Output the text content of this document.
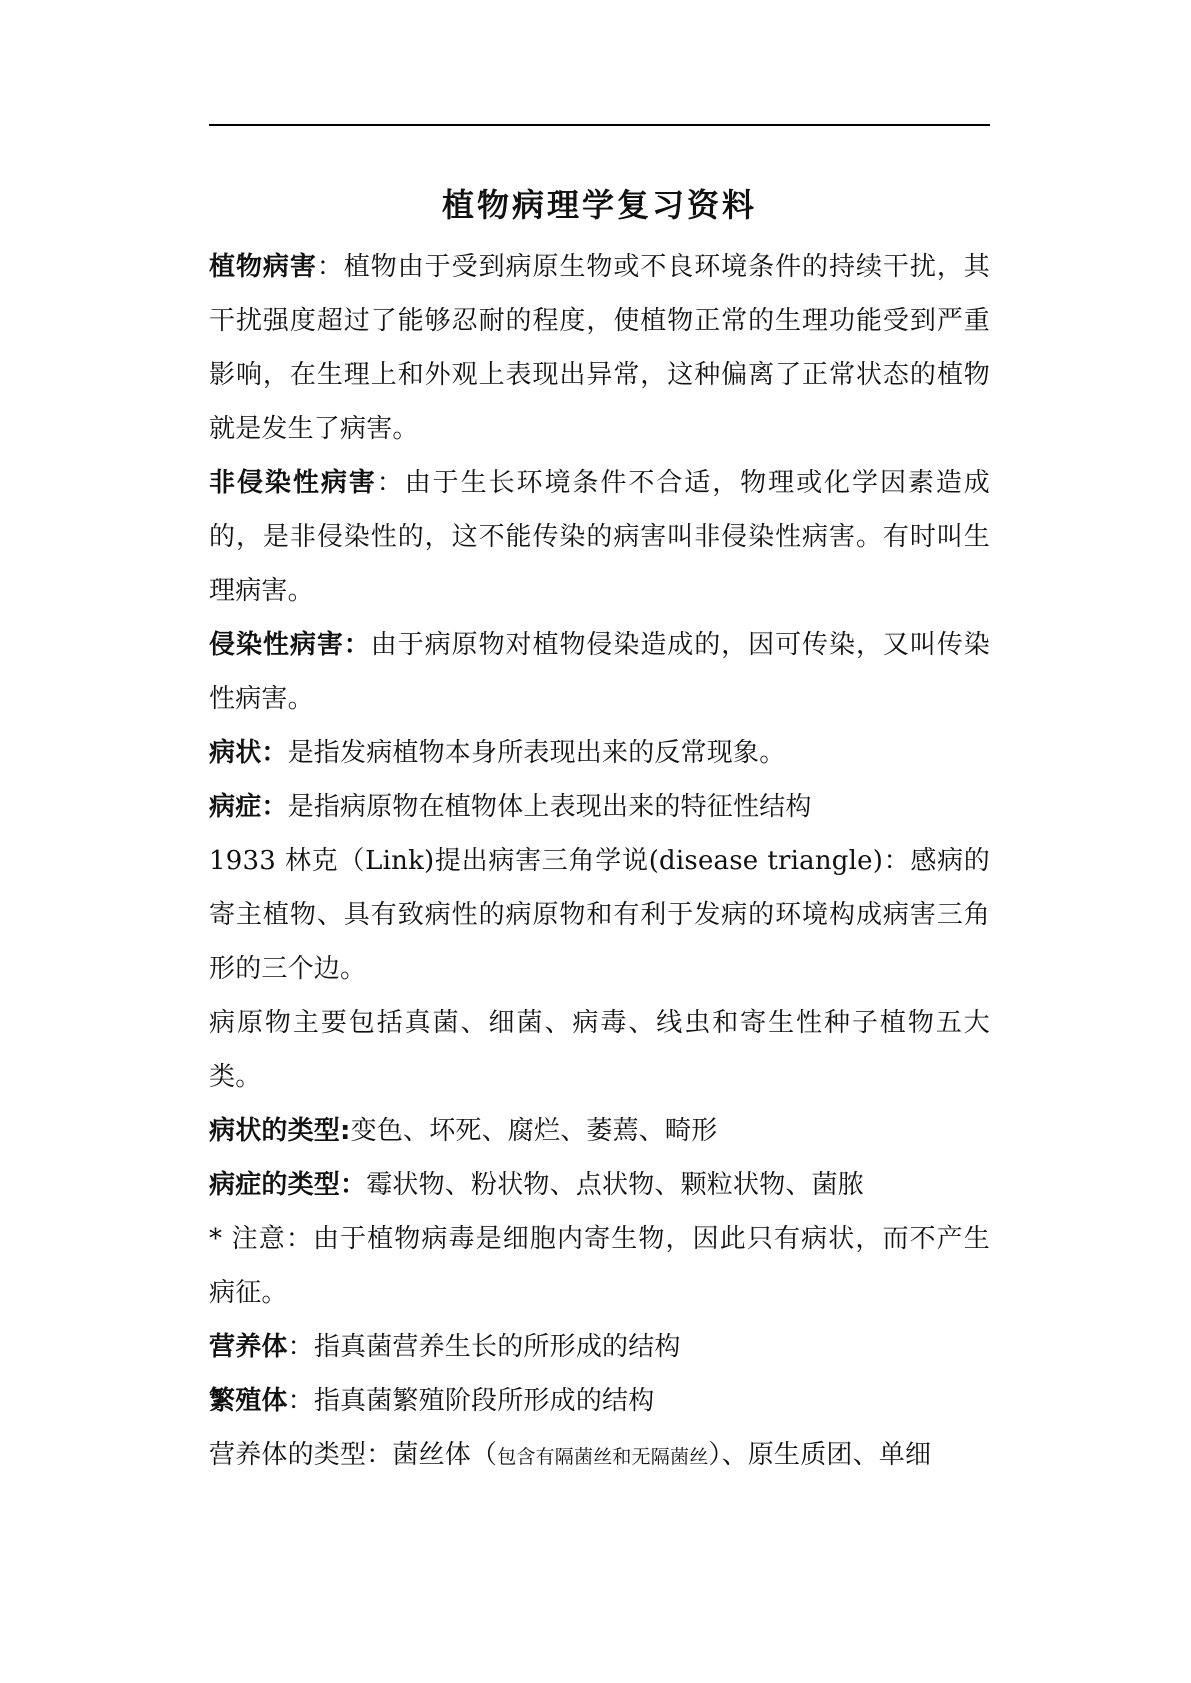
植物病理学复习资料

植物病害：植物由于受到病原生物或不良环境条件的持续干扰，其干扰强度超过了能够忍耐的程度，使植物正常的生理功能受到严重影响，在生理上和外观上表现出异常，这种偏离了正常状态的植物就是发生了病害。

非侵染性病害：由于生长环境条件不合适，物理或化学因素造成的，是非侵染性的，这不能传染的病害叫非侵染性病害。有时叫生理病害。

侵染性病害：由于病原物对植物侵染造成的，因可传染，又叫传染性病害。

病状：是指发病植物本身所表现出来的反常现象。

病症：是指病原物在植物体上表现出来的特征性结构

1933 林克（Link)提出病害三角学说(disease triangle)：感病的寄主植物、具有致病性的病原物和有利于发病的环境构成病害三角形的三个边。

病原物主要包括真菌、细菌、病毒、线虫和寄生性种子植物五大类。

病状的类型:变色、坏死、腐烂、萎蔫、畸形

病症的类型：霉状物、粉状物、点状物、颗粒状物、菌脓

* 注意：由于植物病毒是细胞内寄生物，因此只有病状，而不产生病征。

营养体：指真菌营养生长的所形成的结构

繁殖体：指真菌繁殖阶段所形成的结构

营养体的类型：菌丝体（包含有隔菌丝和无隔菌丝）、原生质团、单细
